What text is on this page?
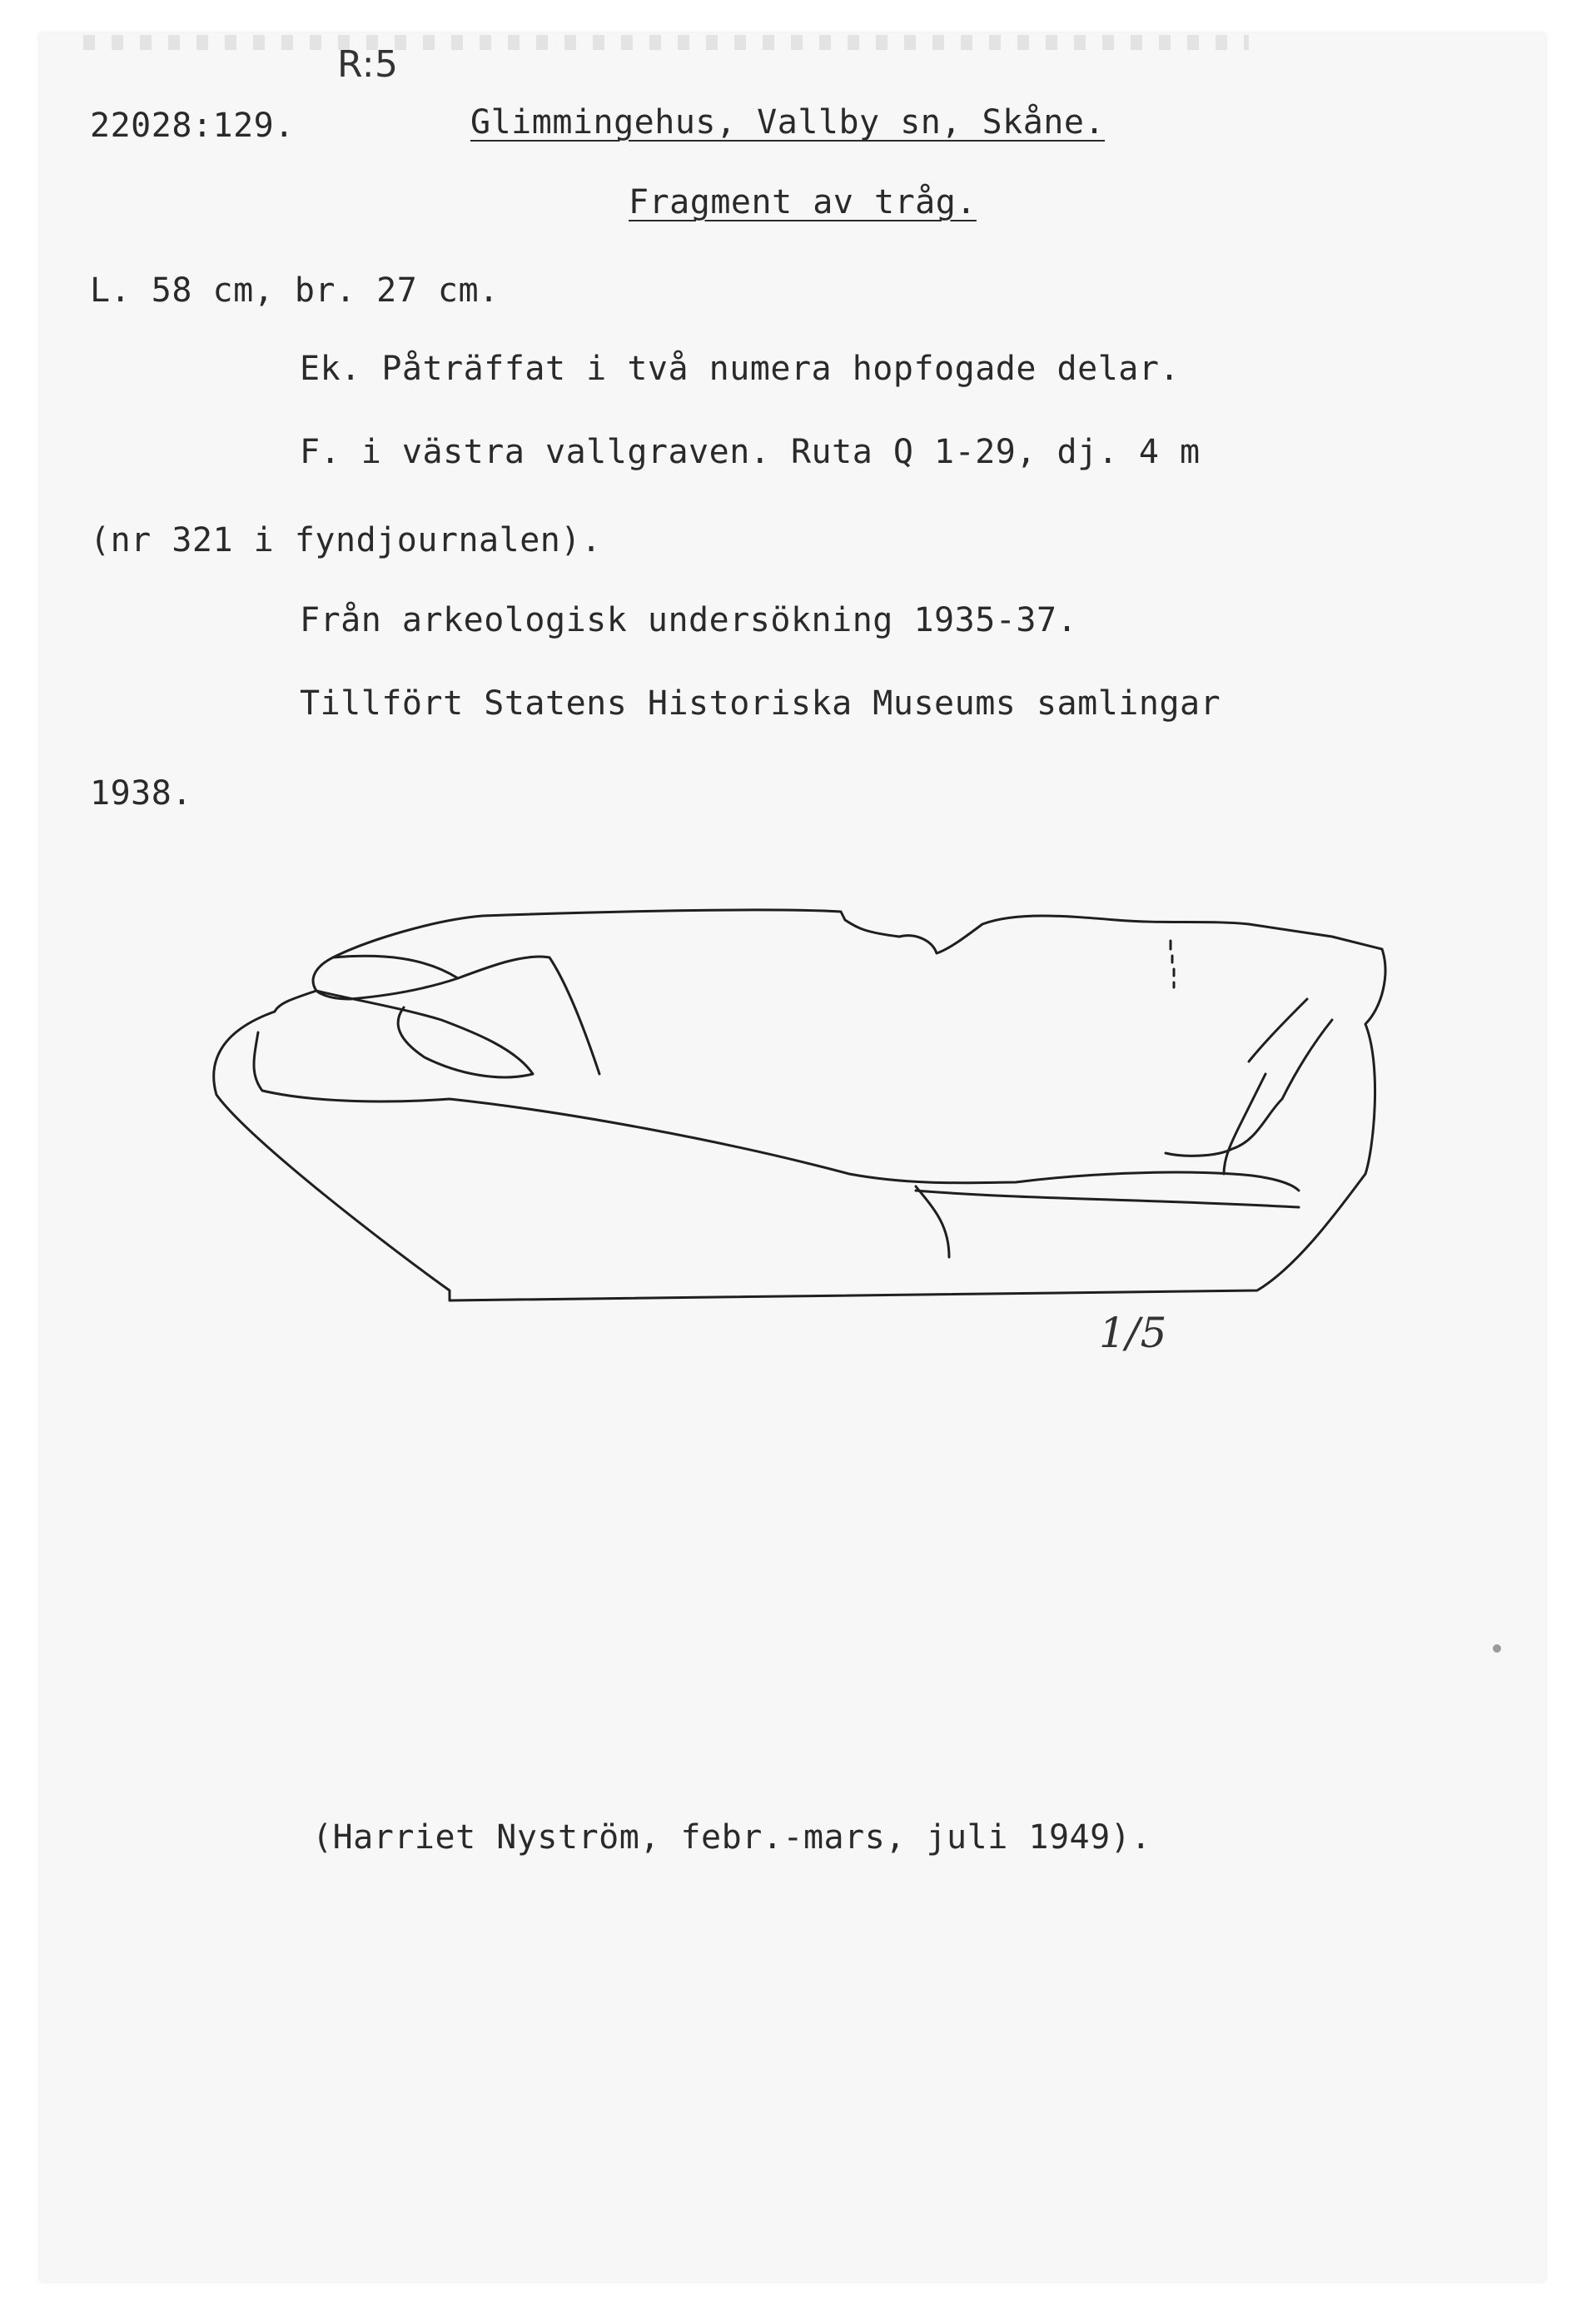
R:5
22028:129.	Glimmingehus, Vallby sn, Skåne.
Fragment av tråg.
L. 58 cm, br. 27 cm.
Ek. Påträffat i två numera hopfogade delar.
F. i västra vallgraven. Ruta Q 1-29, dj. 4 m
(nr 321 i fyndjournalen).
Från arkeologisk undersökning 1935-37.
Tillfört Statens Historiska Museums samlingar
1938.
1/5
(Harriet Nyström, febr.-mars, juli 1949).
